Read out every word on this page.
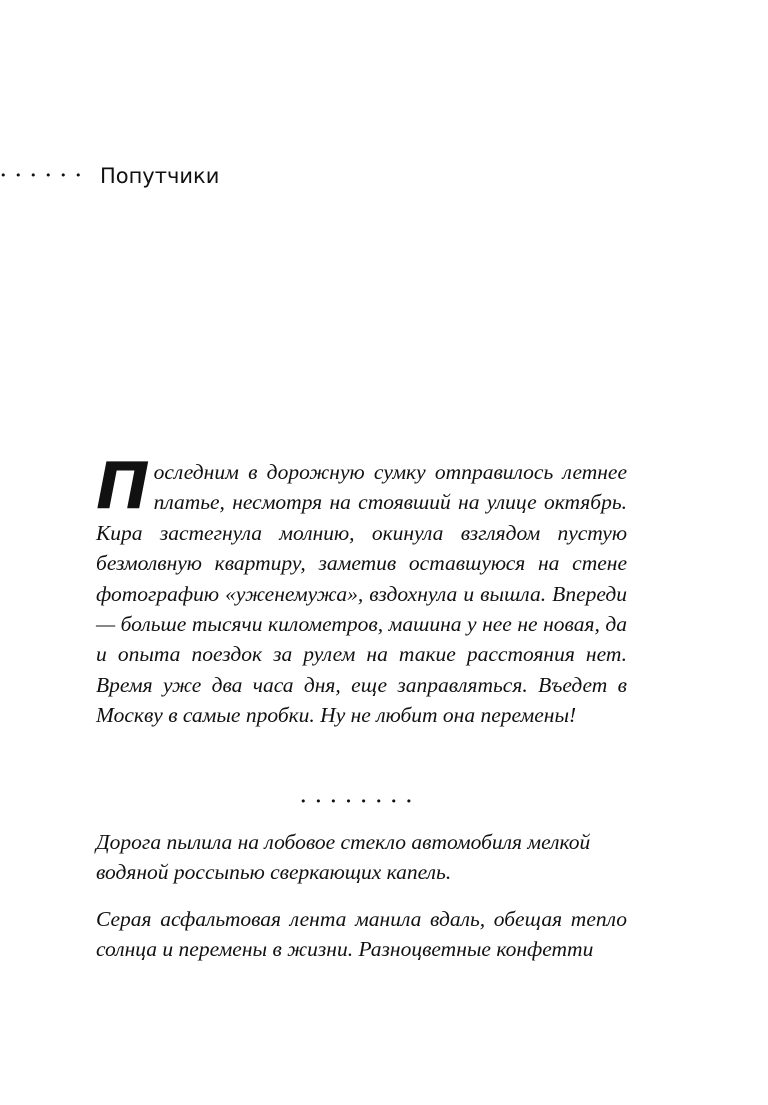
•••••• Попутчики

Последним в дорожную сумку отправилось летнее платье, несмотря на стоявший на улице октябрь. Кира застегнула молнию, окинула взглядом пустую безмолвную квартиру, заметив оставшуюся на стене фотографию «уженемужа», вздохнула и вышла. Впереди — больше тысячи километров, машина у нее не новая, да и опыта поездок за рулем на такие расстояния нет. Время уже два часа дня, еще заправляться. Въедет в Москву в самые пробки. Ну не любит она перемены!

••••••••

Дорога пылила на лобовое стекло автомобиля мелкой водяной россыпью сверкающих капель.

Серая асфальтовая лента манила вдаль, обещая тепло солнца и перемены в жизни. Разноцветные конфетти
